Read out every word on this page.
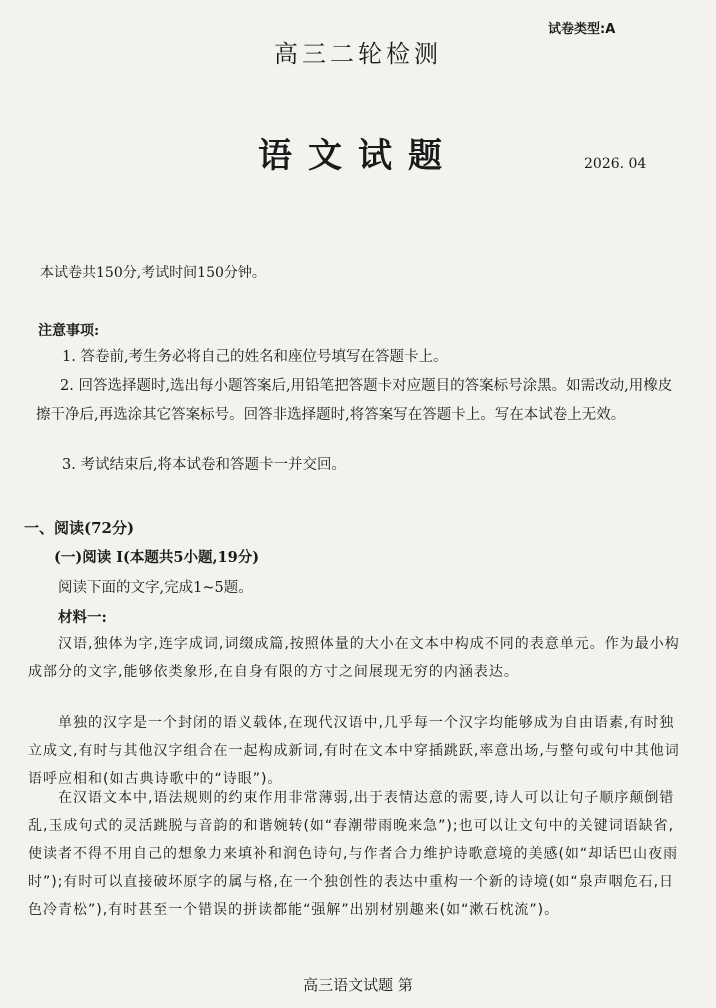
试卷类型:A
高三二轮检测
语文试题	2026. 04
本试卷共150分,考试时间150分钟。
注意事项:
1. 答卷前,考生务必将自己的姓名和座位号填写在答题卡上。
2. 回答选择题时,选出每小题答案后,用铅笔把答题卡对应题目的答案标号涂黑。如需改动,用橡皮擦干净后,再选涂其它答案标号。回答非选择题时,将答案写在答题卡上。写在本试卷上无效。
3. 考试结束后,将本试卷和答题卡一并交回。
一、阅读(72分)
(一)阅读 I(本题共5小题,19分)
阅读下面的文字,完成1~5题。
材料一:
汉语,独体为字,连字成词,词缀成篇,按照体量的大小在文本中构成不同的表意单元。作为最小构成部分的文字,能够依类象形,在自身有限的方寸之间展现无穷的内涵表达。
单独的汉字是一个封闭的语义载体,在现代汉语中,几乎每一个汉字均能够成为自由语素,有时独立成文,有时与其他汉字组合在一起构成新词,有时在文本中穿插跳跃,率意出场,与整句或句中其他词语呼应相和(如古典诗歌中的“诗眼”)。
在汉语文本中,语法规则的约束作用非常薄弱,出于表情达意的需要,诗人可以让句子顺序颠倒错乱,玉成句式的灵活跳脱与音韵的和谐婉转(如“春潮带雨晚来急”);也可以让文句中的关键词语缺省,使读者不得不用自己的想象力来填补和润色诗句,与作者合力维护诗歌意境的美感(如“却话巴山夜雨时”);有时可以直接破坏原字的属与格,在一个独创性的表达中重构一个新的诗境(如“泉声咽危石,日色冷青松”),有时甚至一个错误的拼读都能“强解”出别材别趣来(如“漱石枕流”)。
高三语文试题 第
